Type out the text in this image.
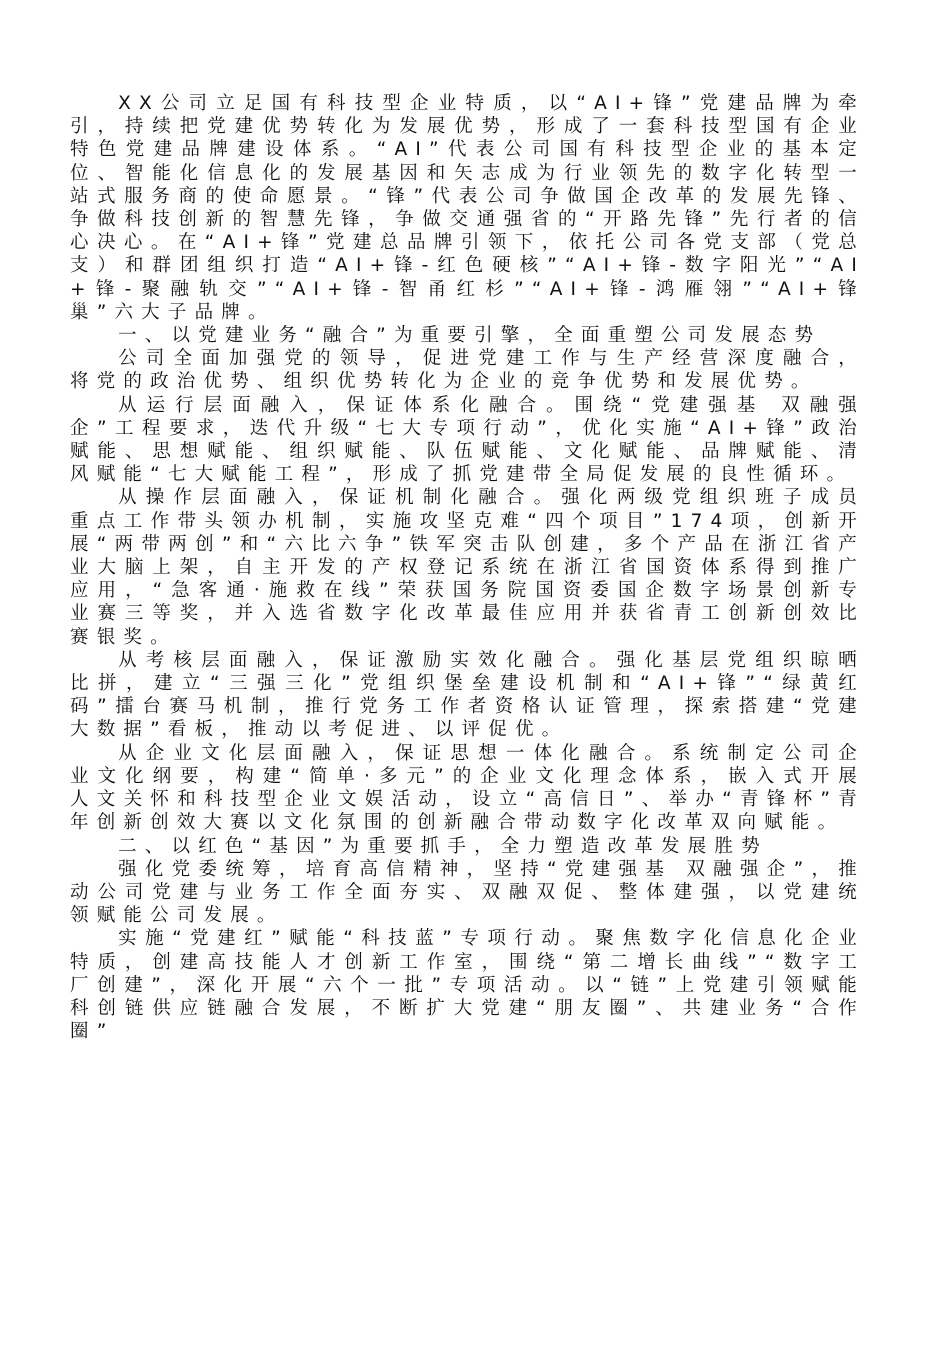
XX公司立足国有科技型企业特质，以“AI+锋”党建品牌为牵引，持续把党建优势转化为发展优势，形成了一套科技型国有企业特色党建品牌建设体系。“AI”代表公司国有科技型企业的基本定位、智能化信息化的发展基因和矢志成为行业领先的数字化转型一站式服务商的使命愿景。“锋”代表公司争做国企改革的发展先锋、争做科技创新的智慧先锋，争做交通强省的“开路先锋”先行者的信心决心。在“AI+锋”党建总品牌引领下，依托公司各党支部（党总支）和群团组织打造“AI+锋-红色硬核”“AI+锋-数字阳光”“AI+锋-聚融轨交”“AI+锋-智甬红杉”“AI+锋-鸿雁翎”“AI+锋巢”六大子品牌。

一、以党建业务“融合”为重要引擎，全面重塑公司发展态势

公司全面加强党的领导，促进党建工作与生产经营深度融合，将党的政治优势、组织优势转化为企业的竞争优势和发展优势。

从运行层面融入，保证体系化融合。围绕“党建强基 双融强企”工程要求，迭代升级“七大专项行动”，优化实施“AI+锋”政治赋能、思想赋能、组织赋能、队伍赋能、文化赋能、品牌赋能、清风赋能“七大赋能工程”，形成了抓党建带全局促发展的良性循环。

从操作层面融入，保证机制化融合。强化两级党组织班子成员重点工作带头领办机制，实施攻坚克难“四个项目”174项，创新开展“两带两创”和“六比六争”铁军突击队创建，多个产品在浙江省产业大脑上架，自主开发的产权登记系统在浙江省国资体系得到推广应用，“急客通·施救在线”荣获国务院国资委国企数字场景创新专业赛三等奖，并入选省数字化改革最佳应用并获省青工创新创效比赛银奖。

从考核层面融入，保证激励实效化融合。强化基层党组织晾晒比拼，建立“三强三化”党组织堡垒建设机制和“AI+锋”“绿黄红码”擂台赛马机制，推行党务工作者资格认证管理，探索搭建“党建大数据”看板，推动以考促进、以评促优。

从企业文化层面融入，保证思想一体化融合。系统制定公司企业文化纲要，构建“简单·多元”的企业文化理念体系，嵌入式开展人文关怀和科技型企业文娱活动，设立“高信日”、举办“青锋杯”青年创新创效大赛以文化氛围的创新融合带动数字化改革双向赋能。

二、以红色“基因”为重要抓手，全力塑造改革发展胜势

强化党委统筹，培育高信精神，坚持“党建强基 双融强企”，推动公司党建与业务工作全面夯实、双融双促、整体建强，以党建统领赋能公司发展。

实施“党建红”赋能“科技蓝”专项行动。聚焦数字化信息化企业特质，创建高技能人才创新工作室，围绕“第二增长曲线”“数字工厂创建”，深化开展“六个一批”专项活动。以“链”上党建引领赋能科创链供应链融合发展，不断扩大党建“朋友圈”、共建业务“合作圈”
